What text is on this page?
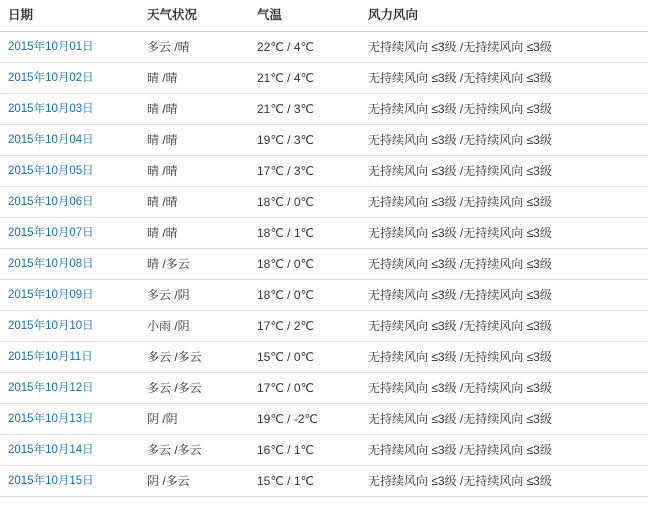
日期	天气状况	气温	风力风向
2015年10月01日	多云 /晴	22℃ / 4℃	无持续风向 ≤3级 /无持续风向 ≤3级
2015年10月02日	晴 /晴	21℃ / 4℃	无持续风向 ≤3级 /无持续风向 ≤3级
2015年10月03日	晴 /晴	21℃ / 3℃	无持续风向 ≤3级 /无持续风向 ≤3级
2015年10月04日	晴 /晴	19℃ / 3℃	无持续风向 ≤3级 /无持续风向 ≤3级
2015年10月05日	晴 /晴	17℃ / 3℃	无持续风向 ≤3级 /无持续风向 ≤3级
2015年10月06日	晴 /晴	18℃ / 0℃	无持续风向 ≤3级 /无持续风向 ≤3级
2015年10月07日	晴 /晴	18℃ / 1℃	无持续风向 ≤3级 /无持续风向 ≤3级
2015年10月08日	晴 /多云	18℃ / 0℃	无持续风向 ≤3级 /无持续风向 ≤3级
2015年10月09日	多云 /阴	18℃ / 0℃	无持续风向 ≤3级 /无持续风向 ≤3级
2015年10月10日	小雨 /阴	17℃ / 2℃	无持续风向 ≤3级 /无持续风向 ≤3级
2015年10月11日	多云 /多云	15℃ / 0℃	无持续风向 ≤3级 /无持续风向 ≤3级
2015年10月12日	多云 /多云	17℃ / 0℃	无持续风向 ≤3级 /无持续风向 ≤3级
2015年10月13日	阴 /阴	19℃ / -2℃	无持续风向 ≤3级 /无持续风向 ≤3级
2015年10月14日	多云 /多云	16℃ / 1℃	无持续风向 ≤3级 /无持续风向 ≤3级
2015年10月15日	阴 /多云	15℃ / 1℃	无持续风向 ≤3级 /无持续风向 ≤3级
